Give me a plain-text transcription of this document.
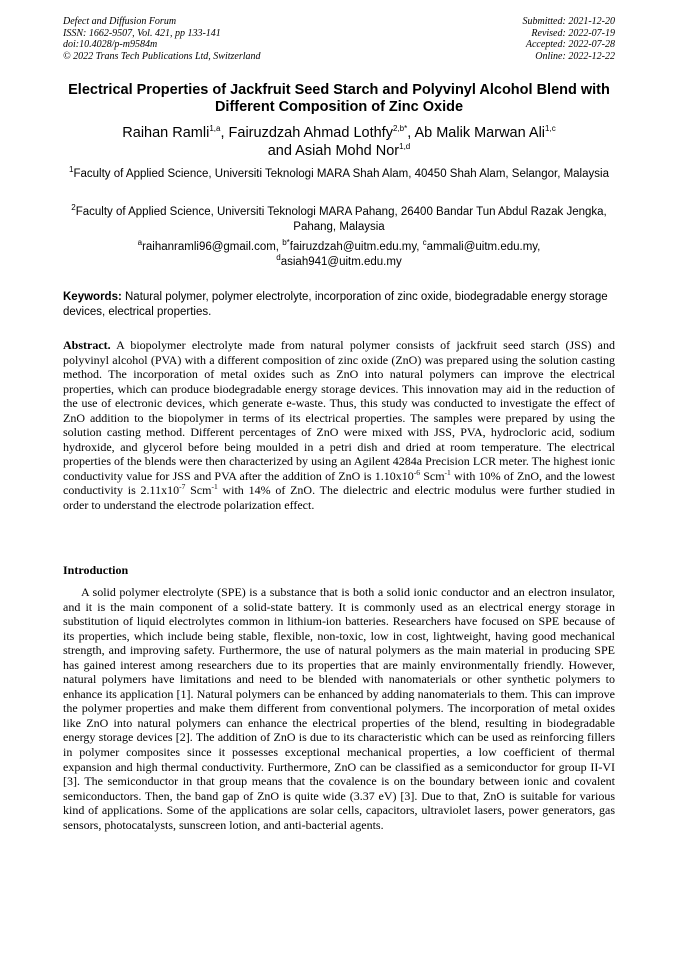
Defect and Diffusion Forum
ISSN: 1662-9507, Vol. 421, pp 133-141
doi:10.4028/p-m9584m
© 2022 Trans Tech Publications Ltd, Switzerland
Submitted: 2021-12-20
Revised: 2022-07-19
Accepted: 2022-07-28
Online: 2022-12-22
Electrical Properties of Jackfruit Seed Starch and Polyvinyl Alcohol Blend with Different Composition of Zinc Oxide
Raihan Ramli$^{1,a}$, Fairuzdzah Ahmad Lothfy$^{2,b*}$, Ab Malik Marwan Ali$^{1,c}$
and Asiah Mohd Nor$^{1,d}$
$^1$Faculty of Applied Science, Universiti Teknologi MARA Shah Alam, 40450 Shah Alam, Selangor, Malaysia
$^2$Faculty of Applied Science, Universiti Teknologi MARA Pahang, 26400 Bandar Tun Abdul Razak Jengka, Pahang, Malaysia
$^a$raihanramli96@gmail.com, $^{b*}$fairuzdzah@uitm.edu.my, $^c$ammali@uitm.edu.my,
$^d$asiah941@uitm.edu.my
Keywords: Natural polymer, polymer electrolyte, incorporation of zinc oxide, biodegradable energy storage devices, electrical properties.
Abstract. A biopolymer electrolyte made from natural polymer consists of jackfruit seed starch (JSS) and polyvinyl alcohol (PVA) with a different composition of zinc oxide (ZnO) was prepared using the solution casting method. The incorporation of metal oxides such as ZnO into natural polymers can improve the electrical properties, which can produce biodegradable energy storage devices. This innovation may aid in the reduction of the use of electronic devices, which generate e-waste. Thus, this study was conducted to investigate the effect of ZnO addition to the biopolymer in terms of its electrical properties. The samples were prepared by using the solution casting method. Different percentages of ZnO were mixed with JSS, PVA, hydrocloric acid, sodium hydroxide, and glycerol before being moulded in a petri dish and dried at room temperature. The electrical properties of the blends were then characterized by using an Agilent 4284a Precision LCR meter. The highest ionic conductivity value for JSS and PVA after the addition of ZnO is $1.10x10^{-6}$ Scm$^{-1}$ with 10% of ZnO, and the lowest conductivity is $2.11x10^{-7}$ Scm$^{-1}$ with 14% of ZnO. The dielectric and electric modulus were further studied in order to understand the electrode polarization effect.
Introduction
A solid polymer electrolyte (SPE) is a substance that is both a solid ionic conductor and an electron insulator, and it is the main component of a solid-state battery. It is commonly used as an electrical energy storage in substitution of liquid electrolytes common in lithium-ion batteries. Researchers have focused on SPE because of its properties, which include being stable, flexible, non-toxic, low in cost, lightweight, having good mechanical strength, and improving safety. Furthermore, the use of natural polymers as the main material in producing SPE has gained interest among researchers due to its properties that are mainly environmentally friendly. However, natural polymers have limitations and need to be blended with nanomaterials or other synthetic polymers to enhance its application [1]. Natural polymers can be enhanced by adding nanomaterials to them. This can improve the polymer properties and make them different from conventional polymers. The incorporation of metal oxides like ZnO into natural polymers can enhance the electrical properties of the blend, resulting in biodegradable energy storage devices [2]. The addition of ZnO is due to its characteristic which can be used as reinforcing fillers in polymer composites since it possesses exceptional mechanical properties, a low coefficient of thermal expansion and high thermal conductivity. Furthermore, ZnO can be classified as a semiconductor for group II-VI [3]. The semiconductor in that group means that the covalence is on the boundary between ionic and covalent semiconductors. Then, the band gap of ZnO is quite wide (3.37 eV) [3]. Due to that, ZnO is suitable for various kind of applications. Some of the applications are solar cells, capacitors, ultraviolet lasers, power generators, gas sensors, photocatalysts, sunscreen lotion, and anti-bacterial agents.
